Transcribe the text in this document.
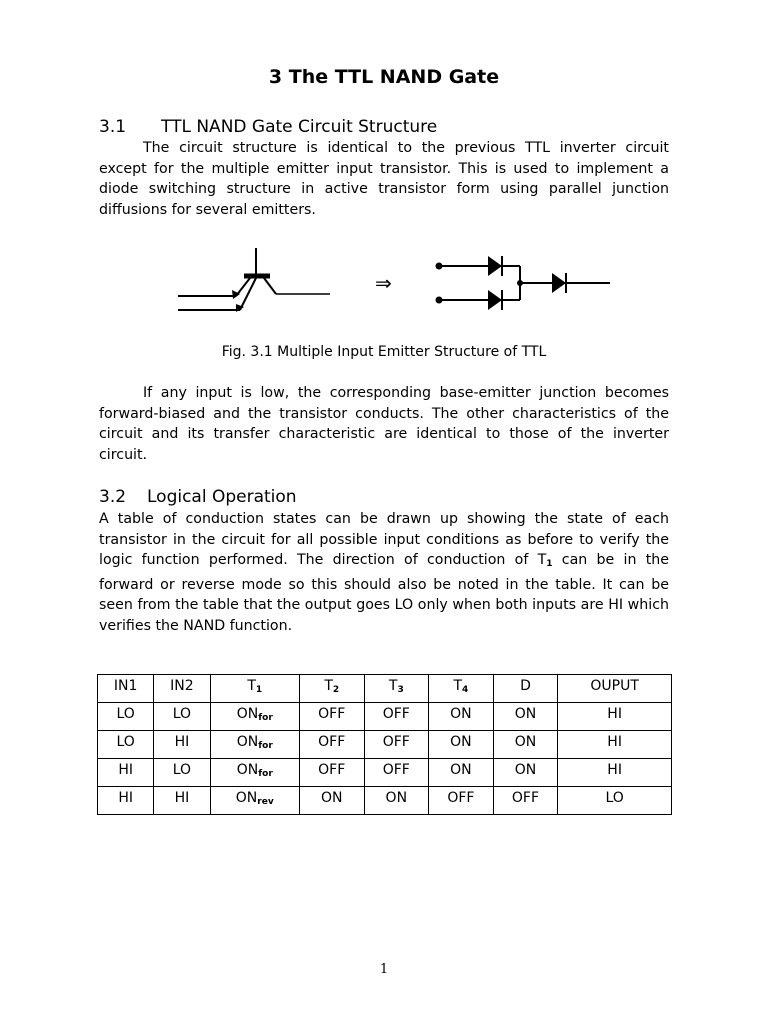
3 The TTL NAND Gate
3.1 TTL NAND Gate Circuit Structure
The circuit structure is identical to the previous TTL inverter circuit except for the multiple emitter input transistor. This is used to implement a diode switching structure in active transistor form using parallel junction diffusions for several emitters.
⇒
Fig. 3.1 Multiple Input Emitter Structure of TTL
If any input is low, the corresponding base-emitter junction becomes forward-biased and the transistor conducts. The other characteristics of the circuit and its transfer characteristic are identical to those of the inverter circuit.
3.2 Logical Operation
A table of conduction states can be drawn up showing the state of each transistor in the circuit for all possible input conditions as before to verify the logic function performed. The direction of conduction of $T_1$ can be in the forward or reverse mode so this should also be noted in the table. It can be seen from the table that the output goes LO only when both inputs are HI which verifies the NAND function.
IN1	IN2	$T_1$	$T_2$	$T_3$	$T_4$	D	OUPUT
LO	LO	$ON_{for}$	OFF	OFF	ON	ON	HI
LO	HI	$ON_{for}$	OFF	OFF	ON	ON	HI
HI	LO	$ON_{for}$	OFF	OFF	ON	ON	HI
HI	HI	$ON_{rev}$	ON	ON	OFF	OFF	LO
1
